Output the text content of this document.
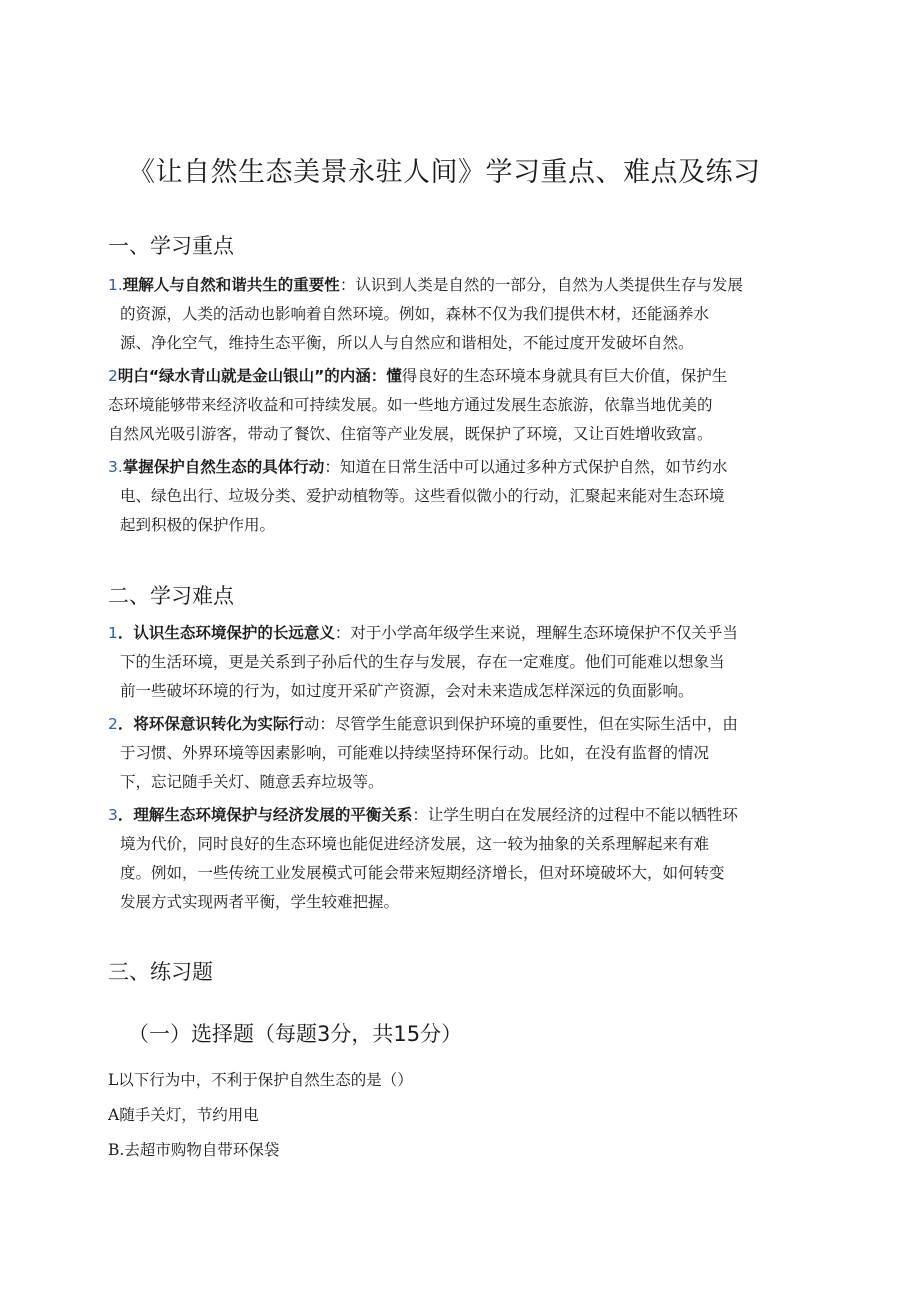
《让自然生态美景永驻人间》学习重点、难点及练习
一、学习重点
1.理解人与自然和谐共生的重要性：认识到人类是自然的一部分，自然为人类提供生存与发展
的资源，人类的活动也影响着自然环境。例如，森林不仅为我们提供木材，还能涵养水
源、净化空气，维持生态平衡，所以人与自然应和谐相处，不能过度开发破坏自然。
2明白“绿水青山就是金山银山”的内涵：懂得良好的生态环境本身就具有巨大价值，保护生
态环境能够带来经济收益和可持续发展。如一些地方通过发展生态旅游，依靠当地优美的
自然风光吸引游客，带动了餐饮、住宿等产业发展，既保护了环境，又让百姓增收致富。
3.掌握保护自然生态的具体行动：知道在日常生活中可以通过多种方式保护自然，如节约水
电、绿色出行、垃圾分类、爱护动植物等。这些看似微小的行动，汇聚起来能对生态环境
起到积极的保护作用。
二、学习难点
1．认识生态环境保护的长远意义：对于小学高年级学生来说，理解生态环境保护不仅关乎当
下的生活环境，更是关系到子孙后代的生存与发展，存在一定难度。他们可能难以想象当
前一些破坏环境的行为，如过度开采矿产资源，会对未来造成怎样深远的负面影响。
2．将环保意识转化为实际行动：尽管学生能意识到保护环境的重要性，但在实际生活中，由
于习惯、外界环境等因素影响，可能难以持续坚持环保行动。比如，在没有监督的情况
下，忘记随手关灯、随意丢弃垃圾等。
3．理解生态环境保护与经济发展的平衡关系：让学生明白在发展经济的过程中不能以牺牲环
境为代价，同时良好的生态环境也能促进经济发展，这一较为抽象的关系理解起来有难
度。例如，一些传统工业发展模式可能会带来短期经济增长，但对环境破坏大，如何转变
发展方式实现两者平衡，学生较难把握。
三、练习题
（一）选择题（每题3分，共15分）
L以下行为中，不利于保护自然生态的是（）
A随手关灯，节约用电
B.去超市购物自带环保袋
